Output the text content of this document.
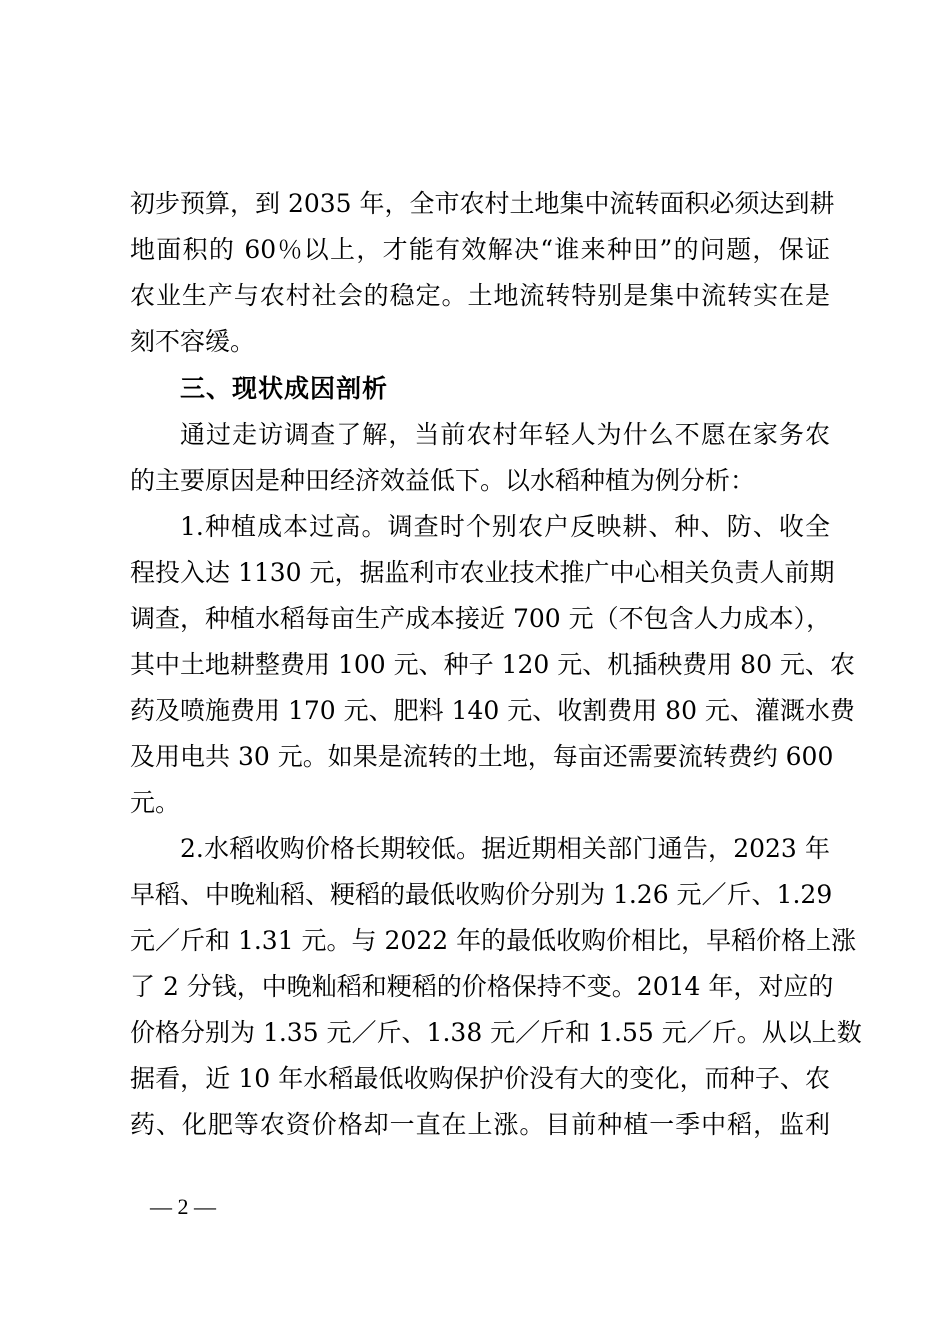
初步预算，到 2035 年，全市农村土地集中流转面积必须达到耕
地面积的 60％以上，才能有效解决“谁来种田”的问题，保证
农业生产与农村社会的稳定。土地流转特别是集中流转实在是
刻不容缓。
三、现状成因剖析
通过走访调查了解，当前农村年轻人为什么不愿在家务农
的主要原因是种田经济效益低下。以水稻种植为例分析：
1.种植成本过高。调查时个别农户反映耕、种、防、收全
程投入达 1130 元，据监利市农业技术推广中心相关负责人前期
调查，种植水稻每亩生产成本接近 700 元（不包含人力成本），
其中土地耕整费用 100 元、种子 120 元、机插秧费用 80 元、农
药及喷施费用 170 元、肥料 140 元、收割费用 80 元、灌溉水费
及用电共 30 元。如果是流转的土地，每亩还需要流转费约 600
元。
2.水稻收购价格长期较低。据近期相关部门通告，2023 年
早稻、中晚籼稻、粳稻的最低收购价分别为 1.26 元／斤、1.29
元／斤和 1.31 元。与 2022 年的最低收购价相比，早稻价格上涨
了 2 分钱，中晚籼稻和粳稻的价格保持不变。2014 年，对应的
价格分别为 1.35 元／斤、1.38 元／斤和 1.55 元／斤。从以上数
据看，近 10 年水稻最低收购保护价没有大的变化，而种子、农
药、化肥等农资价格却一直在上涨。目前种植一季中稻，监利
— 2 —
